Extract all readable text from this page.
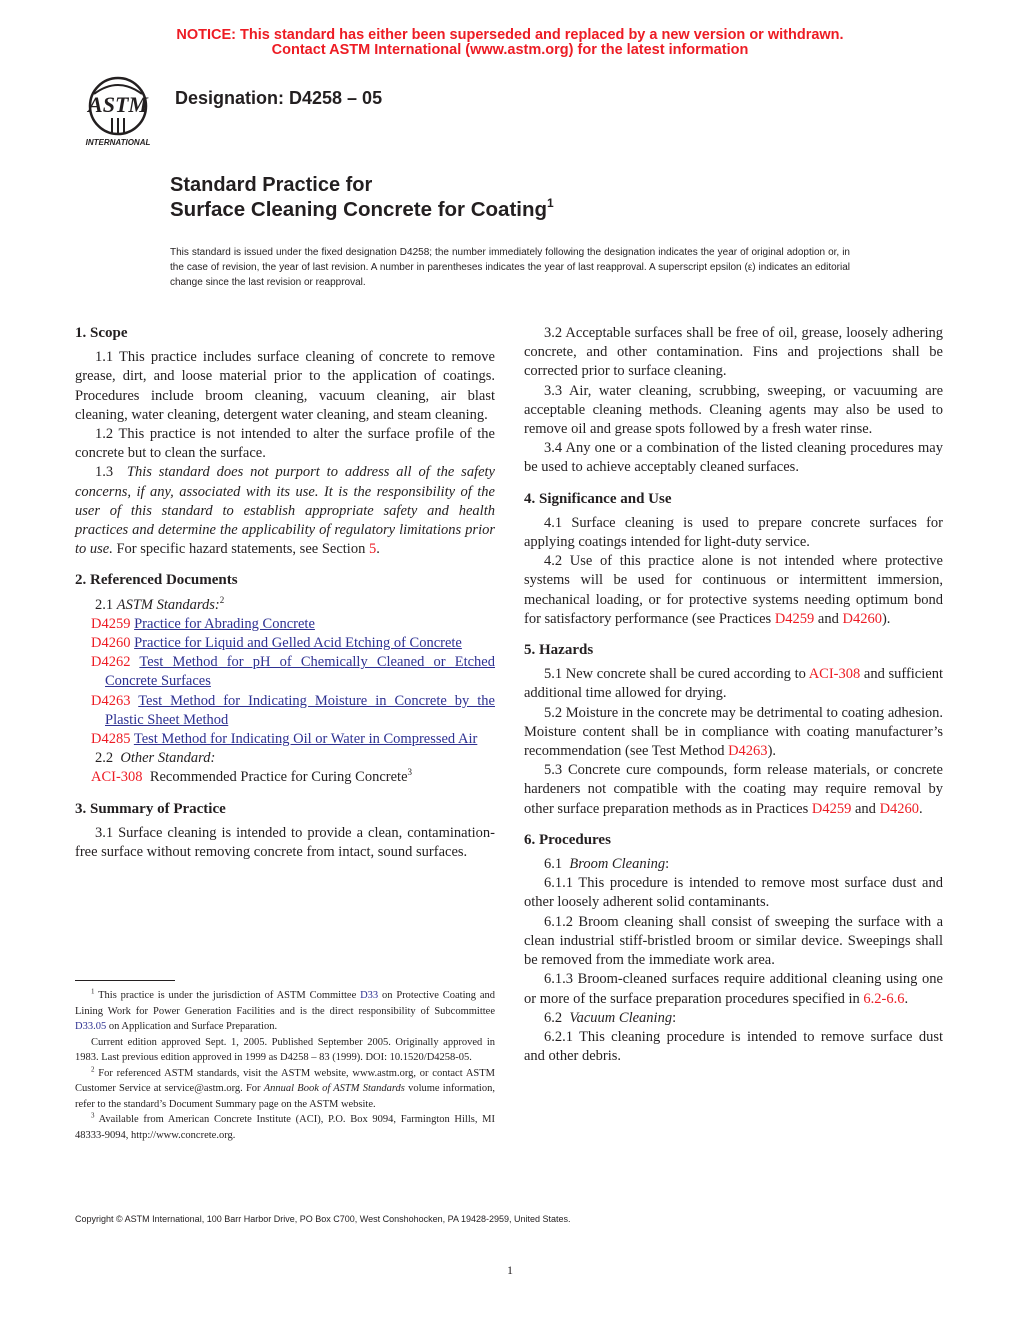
NOTICE: This standard has either been superseded and replaced by a new version or withdrawn.
Contact ASTM International (www.astm.org) for the latest information
ASTM
INTERNATIONAL
Designation: D4258 – 05
Standard Practice for
Surface Cleaning Concrete for Coating$^1$
This standard is issued under the fixed designation D4258; the number immediately following the designation indicates the year of original adoption or, in the case of revision, the year of last revision. A number in parentheses indicates the year of last reapproval. A superscript epsilon (ε) indicates an editorial change since the last revision or reapproval.
1. Scope

1.1 This practice includes surface cleaning of concrete to remove grease, dirt, and loose material prior to the application of coatings. Procedures include broom cleaning, vacuum cleaning, air blast cleaning, water cleaning, detergent water cleaning, and steam cleaning.

1.2 This practice is not intended to alter the surface profile of the concrete but to clean the surface.

1.3 This standard does not purport to address all of the safety concerns, if any, associated with its use. It is the responsibility of the user of this standard to establish appropriate safety and health practices and determine the applicability of regulatory limitations prior to use. For specific hazard statements, see Section 5.

2. Referenced Documents

2.1 ASTM Standards:$^2$

D4259 Practice for Abrading Concrete
D4260 Practice for Liquid and Gelled Acid Etching of Concrete
D4262 Test Method for pH of Chemically Cleaned or Etched Concrete Surfaces
D4263 Test Method for Indicating Moisture in Concrete by the Plastic Sheet Method
D4285 Test Method for Indicating Oil or Water in Compressed Air

2.2 Other Standard:

ACI-308 Recommended Practice for Curing Concrete$^3$
3. Summary of Practice

3.1 Surface cleaning is intended to provide a clean, contamination-free surface without removing concrete from intact, sound surfaces.

3.2 Acceptable surfaces shall be free of oil, grease, loosely adhering concrete, and other contamination. Fins and projections shall be corrected prior to surface cleaning.

3.3 Air, water cleaning, scrubbing, sweeping, or vacuuming are acceptable cleaning methods. Cleaning agents may also be used to remove oil and grease spots followed by a fresh water rinse.

3.4 Any one or a combination of the listed cleaning procedures may be used to achieve acceptably cleaned surfaces.

4. Significance and Use

4.1 Surface cleaning is used to prepare concrete surfaces for applying coatings intended for light-duty service.

4.2 Use of this practice alone is not intended where protective systems will be used for continuous or intermittent immersion, mechanical loading, or for protective systems needing optimum bond for satisfactory performance (see Practices D4259 and D4260).

5. Hazards

5.1 New concrete shall be cured according to ACI-308 and sufficient additional time allowed for drying.

5.2 Moisture in the concrete may be detrimental to coating adhesion. Moisture content shall be in compliance with coating manufacturer’s recommendation (see Test Method D4263).

5.3 Concrete cure compounds, form release materials, or concrete hardeners not compatible with the coating may require removal by other surface preparation methods as in Practices D4259 and D4260.

6. Procedures

6.1 Broom Cleaning:

6.1.1 This procedure is intended to remove most surface dust and other loosely adherent solid contaminants.

6.1.2 Broom cleaning shall consist of sweeping the surface with a clean industrial stiff-bristled broom or similar device. Sweepings shall be removed from the immediate work area.

6.1.3 Broom-cleaned surfaces require additional cleaning using one or more of the surface preparation procedures specified in 6.2-6.6.

6.2 Vacuum Cleaning:

6.2.1 This cleaning procedure is intended to remove surface dust and other debris.

$^1$ This practice is under the jurisdiction of ASTM Committee D33 on Protective Coating and Lining Work for Power Generation Facilities and is the direct responsibility of Subcommittee D33.05 on Application and Surface Preparation.

Current edition approved Sept. 1, 2005. Published September 2005. Originally approved in 1983. Last previous edition approved in 1999 as D4258 – 83 (1999). DOI: 10.1520/D4258-05.

$^2$ For referenced ASTM standards, visit the ASTM website, www.astm.org, or contact ASTM Customer Service at service@astm.org. For Annual Book of ASTM Standards volume information, refer to the standard’s Document Summary page on the ASTM website.

$^3$ Available from American Concrete Institute (ACI), P.O. Box 9094, Farmington Hills, MI 48333-9094, http://www.concrete.org.

Copyright © ASTM International, 100 Barr Harbor Drive, PO Box C700, West Conshohocken, PA 19428-2959, United States.
1
